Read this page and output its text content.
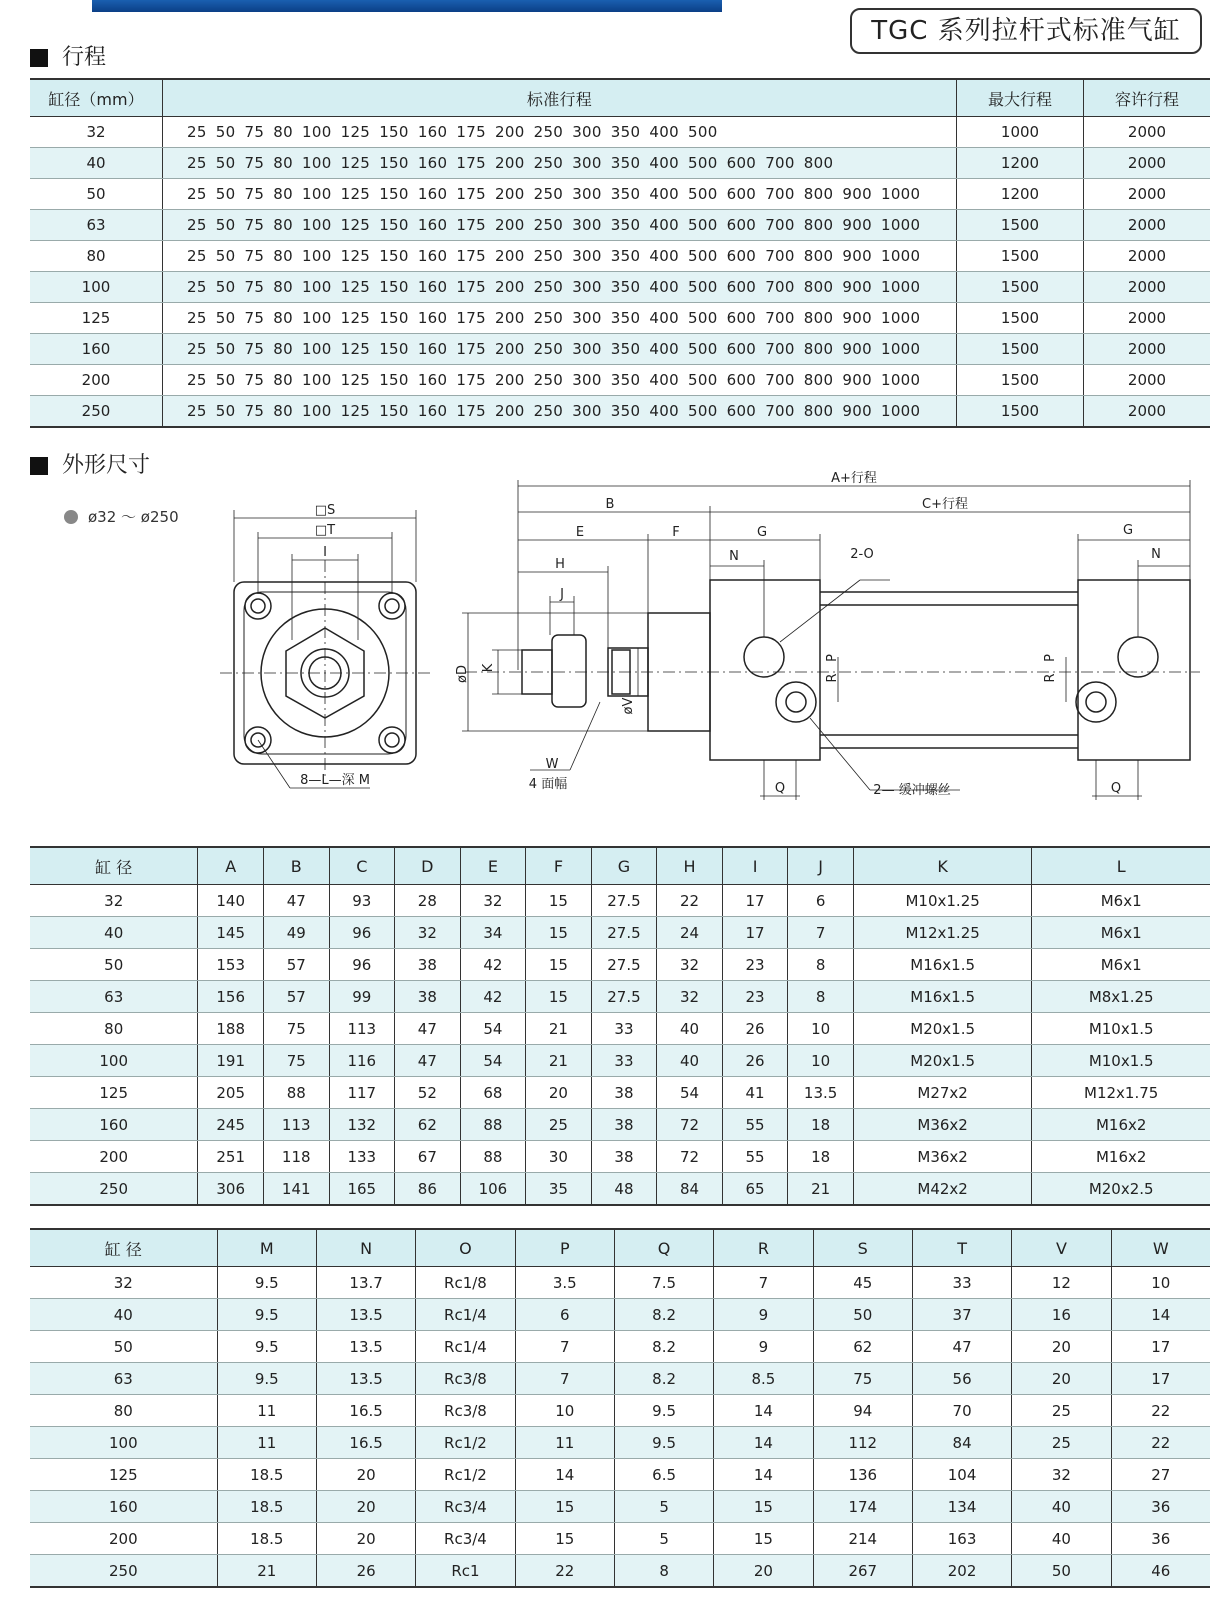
TGC 系列拉杆式标准气缸
行程
缸径（mm）	标准行程	最大行程	容许行程
32	25 50 75 80 100 125 150 160 175 200 250 300 350 400 500	1000	2000
40	25 50 75 80 100 125 150 160 175 200 250 300 350 400 500 600 700 800	1200	2000
50	25 50 75 80 100 125 150 160 175 200 250 300 350 400 500 600 700 800 900 1000	1200	2000
63	25 50 75 80 100 125 150 160 175 200 250 300 350 400 500 600 700 800 900 1000	1500	2000
80	25 50 75 80 100 125 150 160 175 200 250 300 350 400 500 600 700 800 900 1000	1500	2000
100	25 50 75 80 100 125 150 160 175 200 250 300 350 400 500 600 700 800 900 1000	1500	2000
125	25 50 75 80 100 125 150 160 175 200 250 300 350 400 500 600 700 800 900 1000	1500	2000
160	25 50 75 80 100 125 150 160 175 200 250 300 350 400 500 600 700 800 900 1000	1500	2000
200	25 50 75 80 100 125 150 160 175 200 250 300 350 400 500 600 700 800 900 1000	1500	2000
250	25 50 75 80 100 125 150 160 175 200 250 300 350 400 500 600 700 800 900 1000	1500	2000
外形尺寸
ø32 ～ ø250	□S
□T
I
8—L—深 M
A+行程
B	C+行程
E	F	G	G
N	N
H
J
øD K
øV
2-O
P
R
P
R
Q	Q
W
4 面幅	2— 缓冲螺丝
缸 径	A	B	C	D	E	F	G	H	I	J	K	L
32	140	47	93	28	32	15	27.5	22	17	6	M10x1.25	M6x1
40	145	49	96	32	34	15	27.5	24	17	7	M12x1.25	M6x1
50	153	57	96	38	42	15	27.5	32	23	8	M16x1.5	M6x1
63	156	57	99	38	42	15	27.5	32	23	8	M16x1.5	M8x1.25
80	188	75	113	47	54	21	33	40	26	10	M20x1.5	M10x1.5
100	191	75	116	47	54	21	33	40	26	10	M20x1.5	M10x1.5
125	205	88	117	52	68	20	38	54	41	13.5	M27x2	M12x1.75
160	245	113	132	62	88	25	38	72	55	18	M36x2	M16x2
200	251	118	133	67	88	30	38	72	55	18	M36x2	M16x2
250	306	141	165	86	106	35	48	84	65	21	M42x2	M20x2.5
缸 径	M	N	O	P	Q	R	S	T	V	W
32	9.5	13.7	Rc1/8	3.5	7.5	7	45	33	12	10
40	9.5	13.5	Rc1/4	6	8.2	9	50	37	16	14
50	9.5	13.5	Rc1/4	7	8.2	9	62	47	20	17
63	9.5	13.5	Rc3/8	7	8.2	8.5	75	56	20	17
80	11	16.5	Rc3/8	10	9.5	14	94	70	25	22
100	11	16.5	Rc1/2	11	9.5	14	112	84	25	22
125	18.5	20	Rc1/2	14	6.5	14	136	104	32	27
160	18.5	20	Rc3/4	15	5	15	174	134	40	36
200	18.5	20	Rc3/4	15	5	15	214	163	40	36
250	21	26	Rc1	22	8	20	267	202	50	46
